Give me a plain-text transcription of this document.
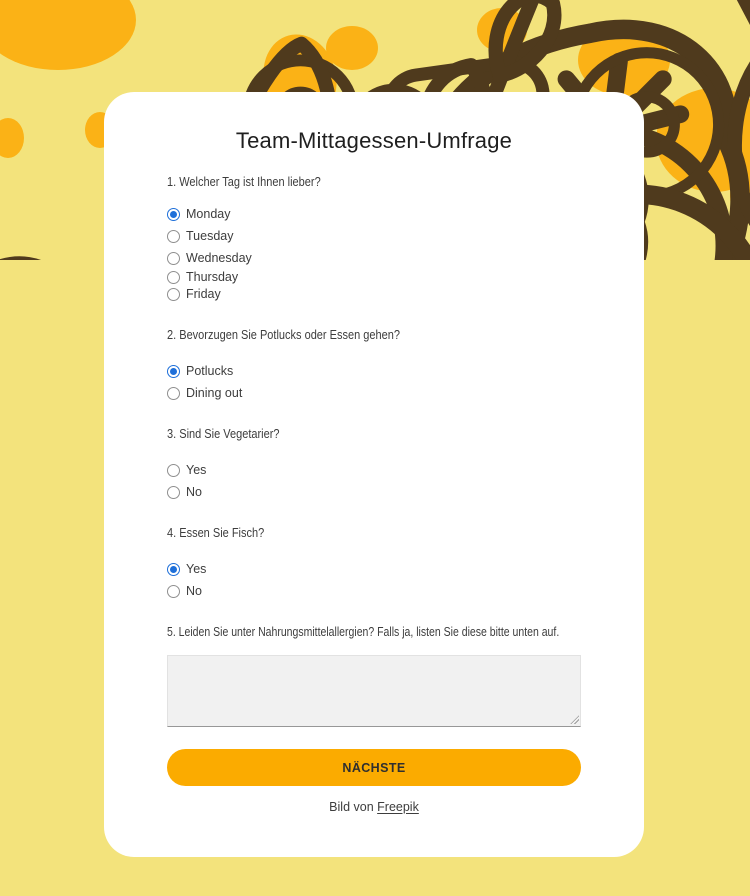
Team-Mittagessen-Umfrage
1. Welcher Tag ist Ihnen lieber?
Monday
Tuesday
Wednesday
Thursday
Friday
2. Bevorzugen Sie Potlucks oder Essen gehen?
Potlucks
Dining out
3. Sind Sie Vegetarier?
Yes
No
4. Essen Sie Fisch?
Yes
No
5. Leiden Sie unter Nahrungsmittelallergien? Falls ja, listen Sie diese bitte unten auf.
NÄCHSTE
Bild von Freepik
